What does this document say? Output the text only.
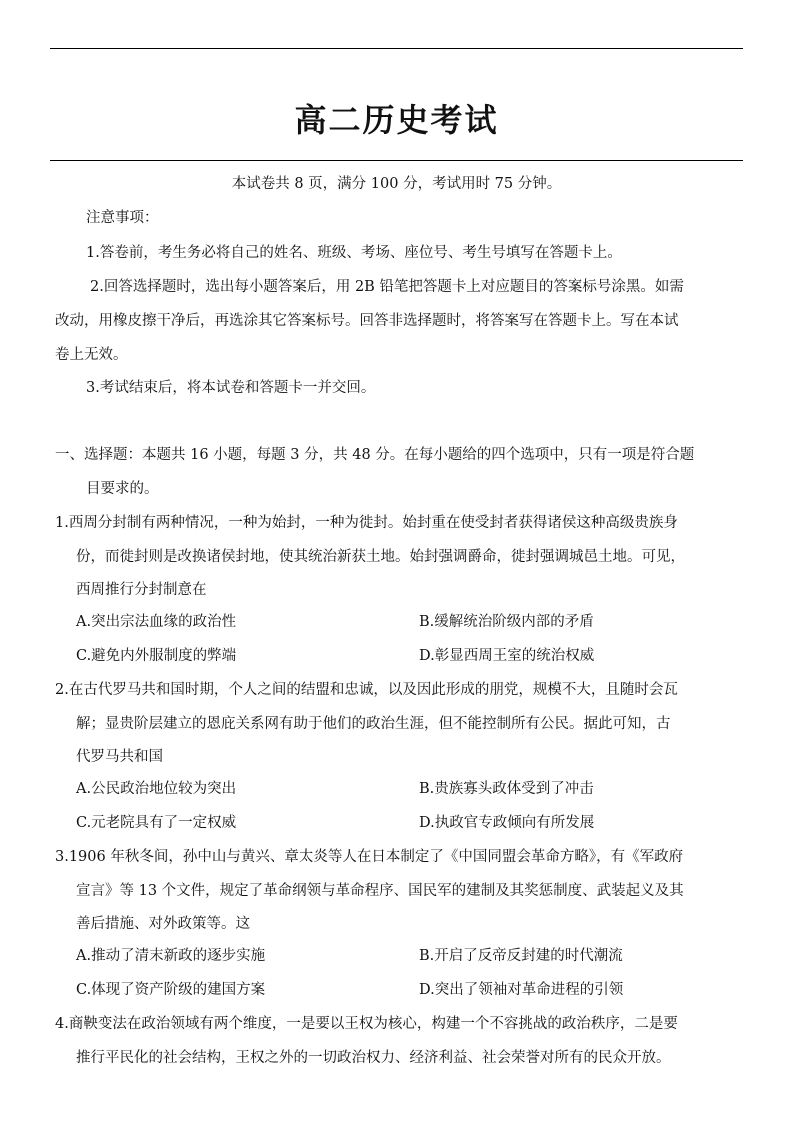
高二历史考试
本试卷共 8 页，满分 100 分，考试用时 75 分钟。
注意事项：
1.答卷前，考生务必将自己的姓名、班级、考场、座位号、考生号填写在答题卡上。
2.回答选择题时，选出每小题答案后，用 2B 铅笔把答题卡上对应题目的答案标号涂黑。如需
改动，用橡皮擦干净后，再选涂其它答案标号。回答非选择题时，将答案写在答题卡上。写在本试
卷上无效。
3.考试结束后，将本试卷和答题卡一并交回。
一、选择题：本题共 16 小题，每题 3 分，共 48 分。在每小题给的四个选项中，只有一项是符合题
目要求的。
1.西周分封制有两种情况，一种为始封，一种为徙封。始封重在使受封者获得诸侯这种高级贵族身
份，而徙封则是改换诸侯封地，使其统治新获土地。始封强调爵命，徙封强调城邑土地。可见，
西周推行分封制意在
A.突出宗法血缘的政治性	B.缓解统治阶级内部的矛盾
C.避免内外服制度的弊端	D.彰显西周王室的统治权威
2.在古代罗马共和国时期，个人之间的结盟和忠诚，以及因此形成的朋党，规模不大，且随时会瓦
解；显贵阶层建立的恩庇关系网有助于他们的政治生涯，但不能控制所有公民。据此可知，古
代罗马共和国
A.公民政治地位较为突出	B.贵族寡头政体受到了冲击
C.元老院具有了一定权威	D.执政官专政倾向有所发展
3.1906 年秋冬间，孙中山与黄兴、章太炎等人在日本制定了《中国同盟会革命方略》，有《军政府
宣言》等 13 个文件，规定了革命纲领与革命程序、国民军的建制及其奖惩制度、武装起义及其
善后措施、对外政策等。这
A.推动了清末新政的逐步实施	B.开启了反帝反封建的时代潮流
C.体现了资产阶级的建国方案	D.突出了领袖对革命进程的引领
4.商鞅变法在政治领域有两个维度，一是要以王权为核心，构建一个不容挑战的政治秩序，二是要
推行平民化的社会结构，王权之外的一切政治权力、经济利益、社会荣誉对所有的民众开放。
